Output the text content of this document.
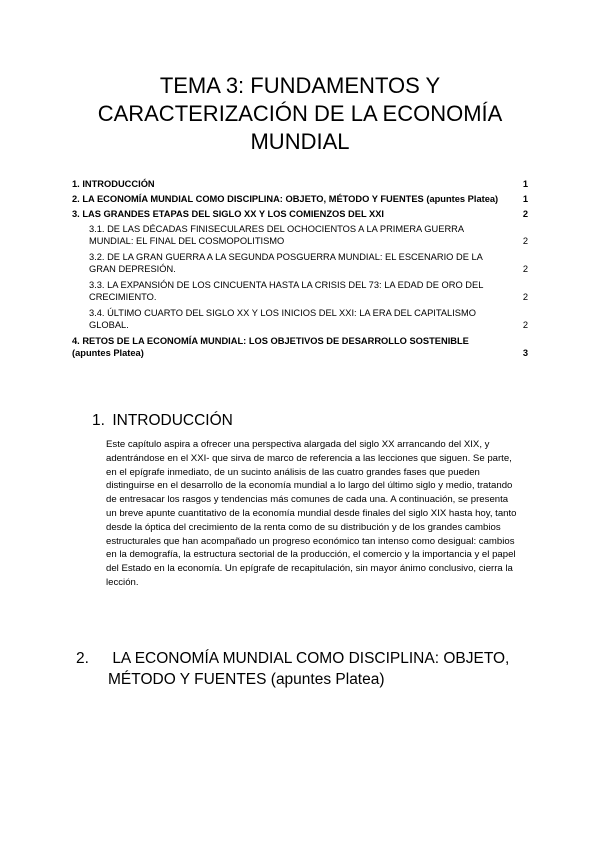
TEMA 3: FUNDAMENTOS Y
CARACTERIZACIÓN DE LA ECONOMÍA
MUNDIAL
1. INTRODUCCIÓN	1
2. LA ECONOMÍA MUNDIAL COMO DISCIPLINA: OBJETO, MÉTODO Y FUENTES (apuntes Platea)	1
3. LAS GRANDES ETAPAS DEL SIGLO XX Y LOS COMIENZOS DEL XXI	2
3.1. DE LAS DÉCADAS FINISECULARES DEL OCHOCIENTOS A LA PRIMERA GUERRA MUNDIAL: EL FINAL DEL COSMOPOLITISMO	2
3.2. DE LA GRAN GUERRA A LA SEGUNDA POSGUERRA MUNDIAL: EL ESCENARIO DE LA GRAN DEPRESIÓN.	2
3.3. LA EXPANSIÓN DE LOS CINCUENTA HASTA LA CRISIS DEL 73: LA EDAD DE ORO DEL CRECIMIENTO.	2
3.4. ÚLTIMO CUARTO DEL SIGLO XX Y LOS INICIOS DEL XXI: LA ERA DEL CAPITALISMO GLOBAL.	2
4. RETOS DE LA ECONOMÍA MUNDIAL: LOS OBJETIVOS DE DESARROLLO SOSTENIBLE (apuntes Platea)	3
1. INTRODUCCIÓN

Este capítulo aspira a ofrecer una perspectiva alargada del siglo XX arrancando del XIX, y adentrándose en el XXI- que sirva de marco de referencia a las lecciones que siguen. Se parte, en el epígrafe inmediato, de un sucinto análisis de las cuatro grandes fases que pueden distinguirse en el desarrollo de la economía mundial a lo largo del último siglo y medio, tratando de entresacar los rasgos y tendencias más comunes de cada una. A continuación, se presenta un breve apunte cuantitativo de la economía mundial desde finales del siglo XIX hasta hoy, tanto desde la óptica del crecimiento de la renta como de su distribución y de los grandes cambios estructurales que han acompañado un progreso económico tan intenso como desigual: cambios en la demografía, la estructura sectorial de la producción, el comercio y la importancia y el papel del Estado en la economía. Un epígrafe de recapitulación, sin mayor ánimo conclusivo, cierra la lección.

2. LA ECONOMÍA MUNDIAL COMO DISCIPLINA: OBJETO, MÉTODO Y FUENTES (apuntes Platea)
